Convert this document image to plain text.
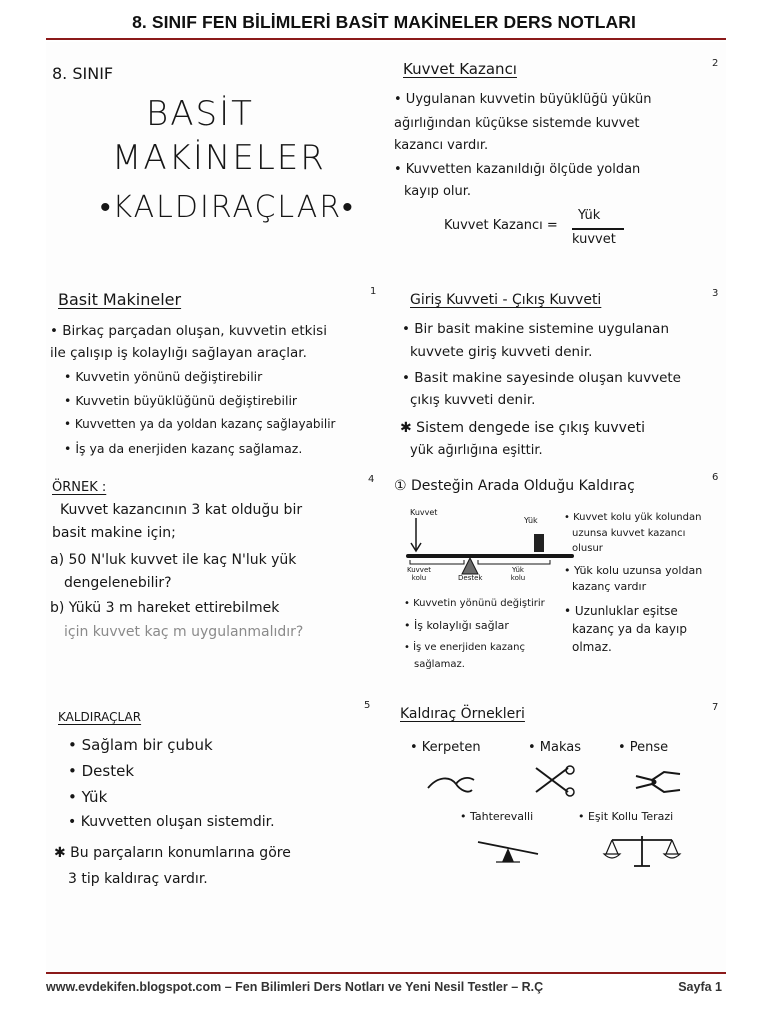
8. SINIF FEN BİLİMLERİ BASİT MAKİNELER DERS NOTLARI
8. SINIF
BASİT
MAKİNELER
•KALDIRAÇLAR•
2
Kuvvet Kazancı
• Uygulanan kuvvetin büyüklüğü yükün
ağırlığından küçükse sistemde kuvvet
kazancı vardır.
• Kuvvetten kazanıldığı ölçüde yoldan
kayıp olur.
Kuvvet Kazancı =
Yük
kuvvet
1
Basit Makineler
• Birkaç parçadan oluşan, kuvvetin etkisi
ile çalışıp iş kolaylığı sağlayan araçlar.
• Kuvvetin yönünü değiştirebilir
• Kuvvetin büyüklüğünü değiştirebilir
• Kuvvetten ya da yoldan kazanç sağlayabilir
• İş ya da enerjiden kazanç sağlamaz.
3
Giriş Kuvveti - Çıkış Kuvveti
• Bir basit makine sistemine uygulanan
kuvvete giriş kuvveti denir.
• Basit makine sayesinde oluşan kuvvete
çıkış kuvveti denir.
✱ Sistem dengede ise çıkış kuvveti
yük ağırlığına eşittir.
4
ÖRNEK :
Kuvvet kazancının 3 kat olduğu bir
basit makine için;
a) 50 N'luk kuvvet ile kaç N'luk yük
dengelenebilir?
b) Yükü 3 m hareket ettirebilmek
için kuvvet kaç m uygulanmalıdır?
6
① Desteğin Arada Olduğu Kaldıraç
Kuvvet
Yük
Kuvvet kolu	Destek
Yük kolu
• Kuvvet kolu yük kolundan
uzunsa kuvvet kazancı
olusur
• Yük kolu uzunsa yoldan
kazanç vardır
• Uzunluklar eşitse
kazanç ya da kayıp
olmaz.
• Kuvvetin yönünü değiştirir
• İş kolaylığı sağlar
• İş ve enerjiden kazanç
sağlamaz.
5
KALDIRAÇLAR
• Sağlam bir çubuk
• Destek
• Yük
• Kuvvetten oluşan sistemdir.
✱ Bu parçaların konumlarına göre
3 tip kaldıraç vardır.
7
Kaldıraç Örnekleri
• Kerpeten	• Makas	• Pense
• Tahterevalli	• Eşit Kollu Terazi
www.evdekifen.blogspot.com – Fen Bilimleri Ders Notları ve Yeni Nesil Testler – R.Ç	Sayfa 1
